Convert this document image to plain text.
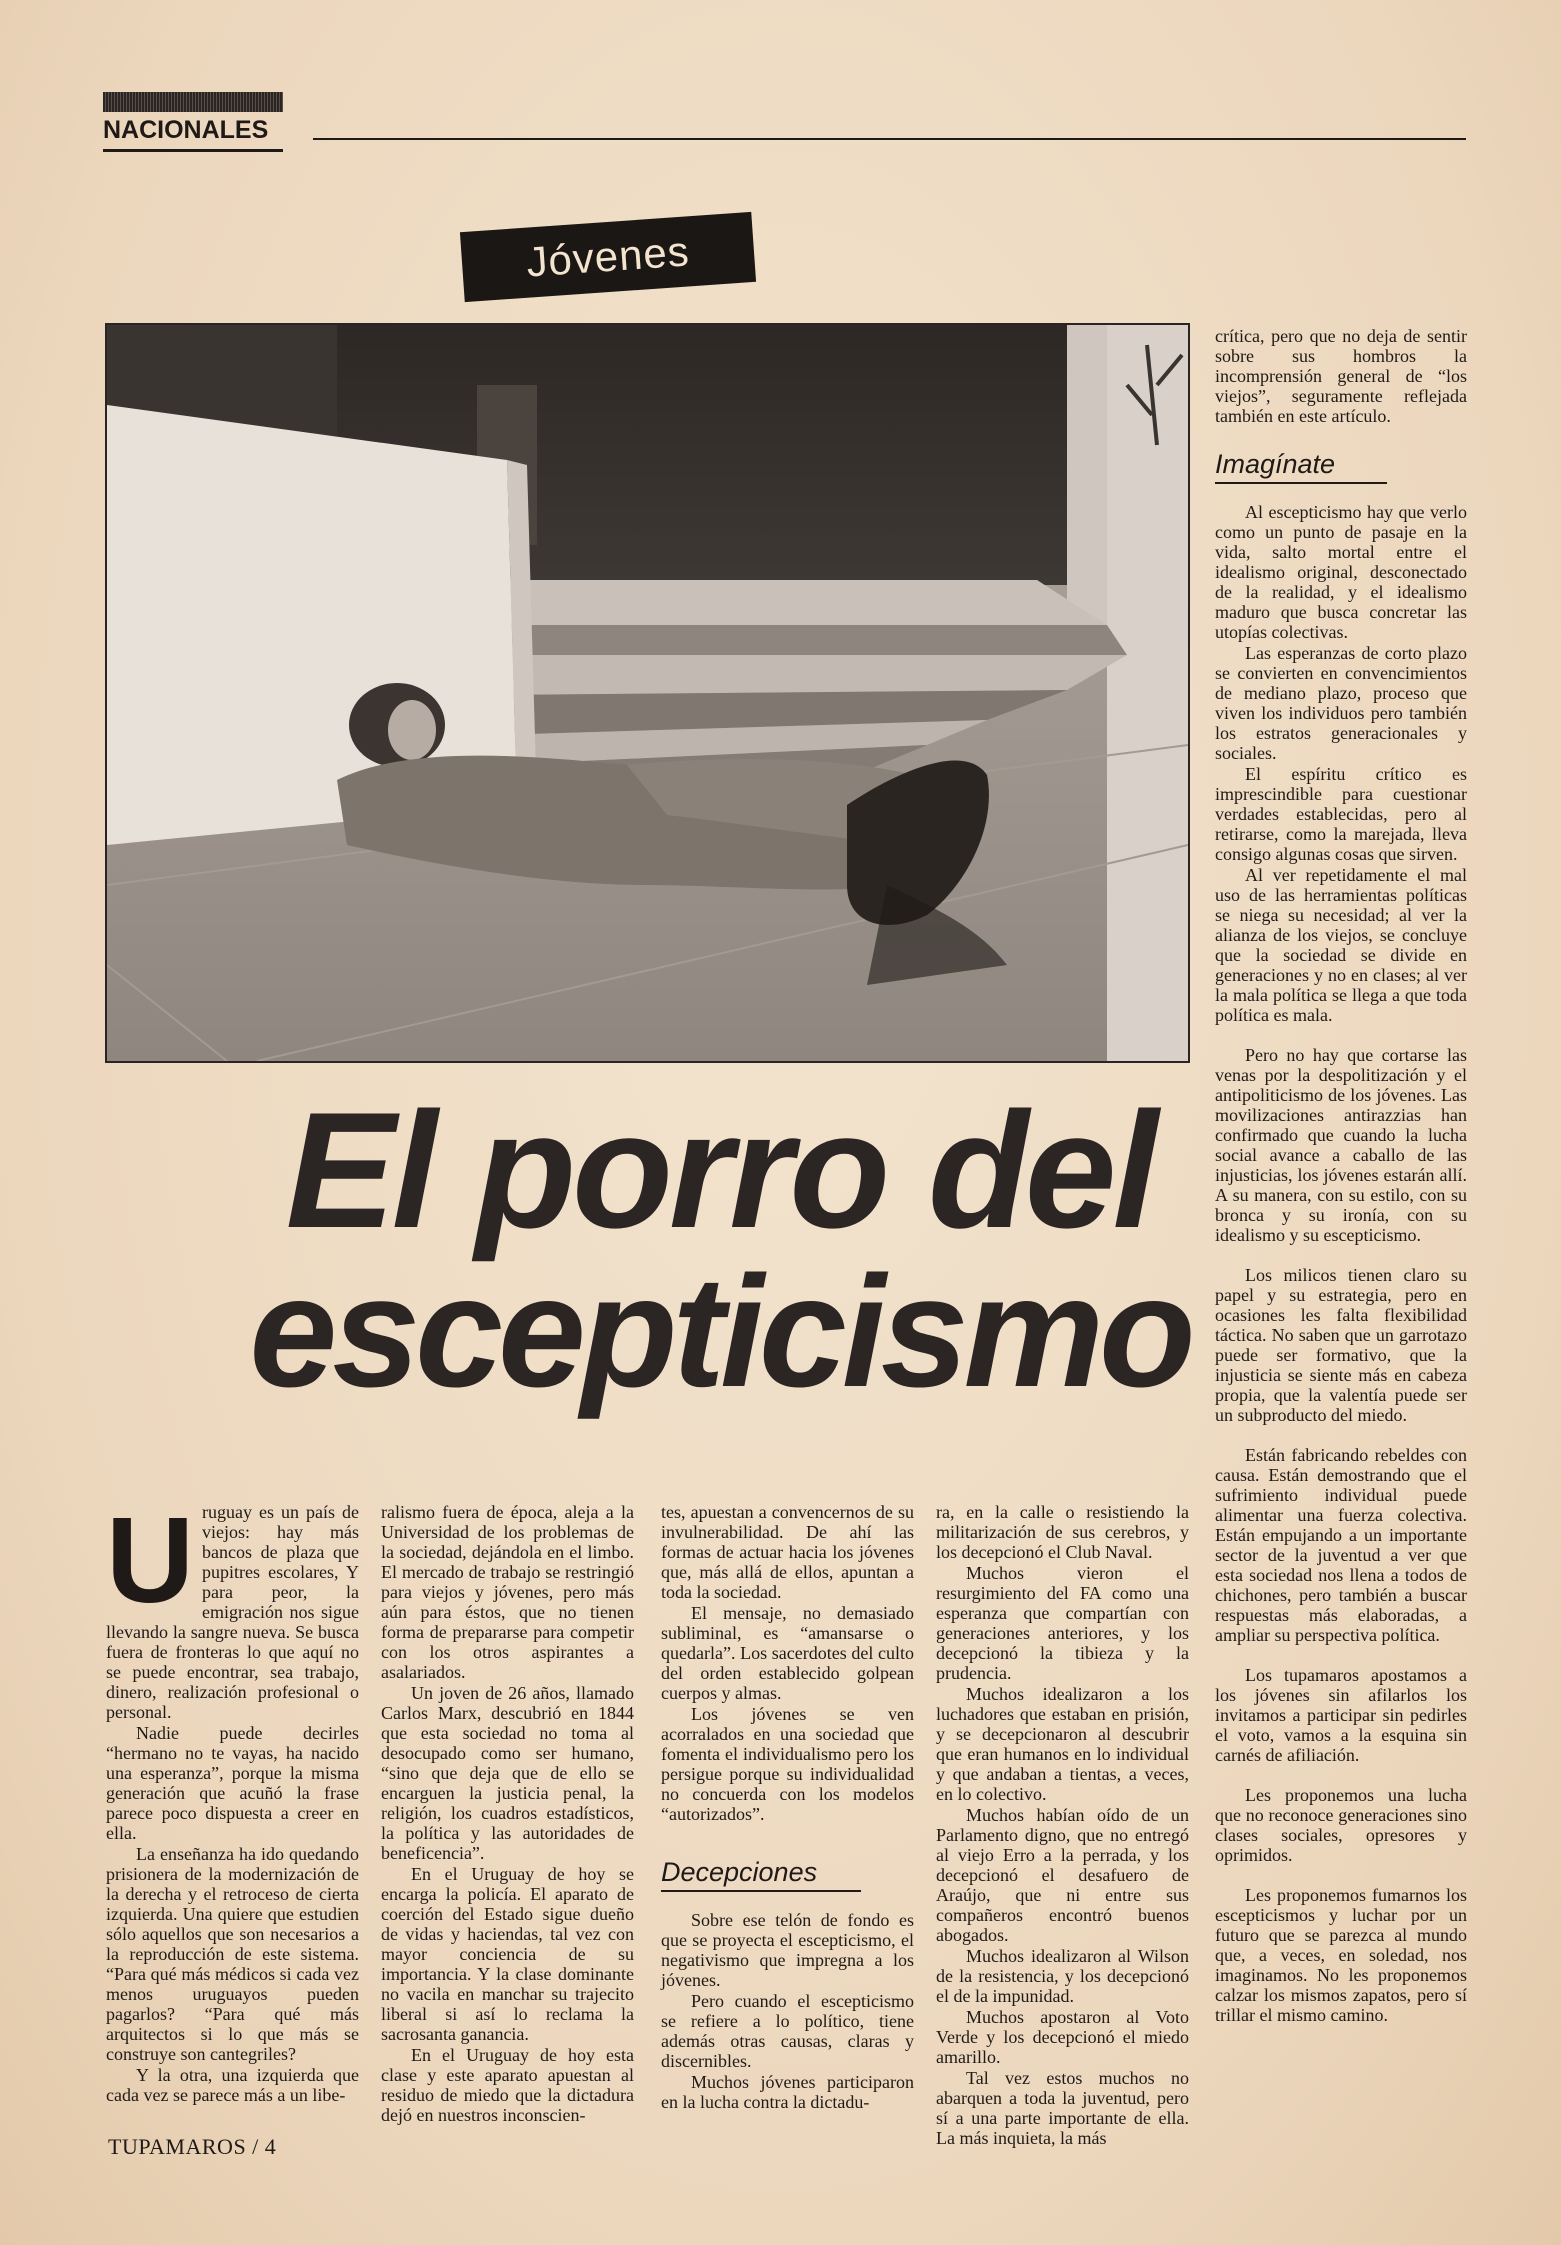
NACIONALES
Jóvenes
El porro del
escepticismo
U ruguay es un país de viejos: hay más bancos de plaza que pupitres escolares, Y para peor, la emigración nos sigue llevando la sangre nueva. Se busca fuera de fronteras lo que aquí no se puede encontrar, sea trabajo, dinero, realización profesional o personal.

Nadie puede decirles “hermano no te vayas, ha nacido una esperanza”, porque la misma generación que acuñó la frase parece poco dispuesta a creer en ella.

La enseñanza ha ido quedando prisionera de la modernización de la derecha y el retroceso de cierta izquierda. Una quiere que estudien sólo aquellos que son necesarios a la reproducción de este sistema. “Para qué más médicos si cada vez menos uruguayos pueden pagarlos? “Para qué más arquitectos si lo que más se construye son cantegriles?

Y la otra, una izquierda que cada vez se parece más a un libe-

ralismo fuera de época, aleja a la Universidad de los problemas de la sociedad, dejándola en el limbo. El mercado de trabajo se restringió para viejos y jóvenes, pero más aún para éstos, que no tienen forma de prepararse para competir con los otros aspirantes a asalariados.

Un joven de 26 años, llamado Carlos Marx, descubrió en 1844 que esta sociedad no toma al desocupado como ser humano, “sino que deja que de ello se encarguen la justicia penal, la religión, los cuadros estadísticos, la política y las autoridades de beneficencia”.

En el Uruguay de hoy se encarga la policía. El aparato de coerción del Estado sigue dueño de vidas y haciendas, tal vez con mayor conciencia de su importancia. Y la clase dominante no vacila en manchar su trajecito liberal si así lo reclama la sacrosanta ganancia.

En el Uruguay de hoy esta clase y este aparato apuestan al residuo de miedo que la dictadura dejó en nuestros inconscien-

tes, apuestan a convencernos de su invulnerabilidad. De ahí las formas de actuar hacia los jóvenes que, más allá de ellos, apuntan a toda la sociedad.

El mensaje, no demasiado subliminal, es “amansarse o quedarla”. Los sacerdotes del culto del orden establecido golpean cuerpos y almas.

Los jóvenes se ven acorralados en una sociedad que fomenta el individualismo pero los persigue porque su individualidad no concuerda con los modelos “autorizados”.

Decepciones

Sobre ese telón de fondo es que se proyecta el escepticismo, el negativismo que impregna a los jóvenes.

Pero cuando el escepticismo se refiere a lo político, tiene además otras causas, claras y discernibles.

Muchos jóvenes participaron en la lucha contra la dictadu-

ra, en la calle o resistiendo la militarización de sus cerebros, y los decepcionó el Club Naval.

Muchos vieron el resurgimiento del FA como una esperanza que compartían con generaciones anteriores, y los decepcionó la tibieza y la prudencia.

Muchos idealizaron a los luchadores que estaban en prisión, y se decepcionaron al descubrir que eran humanos en lo individual y que andaban a tientas, a veces, en lo colectivo.

Muchos habían oído de un Parlamento digno, que no entregó al viejo Erro a la perrada, y los decepcionó el desafuero de Araújo, que ni entre sus compañeros encontró buenos abogados.

Muchos idealizaron al Wilson de la resistencia, y los decepcionó el de la impunidad.

Muchos apostaron al Voto Verde y los decepcionó el miedo amarillo.

Tal vez estos muchos no abarquen a toda la juventud, pero sí a una parte importante de ella. La más inquieta, la más

crítica, pero que no deja de sentir sobre sus hombros la incomprensión general de “los viejos”, seguramente reflejada también en este artículo.

Imagínate

Al escepticismo hay que verlo como un punto de pasaje en la vida, salto mortal entre el idealismo original, desconectado de la realidad, y el idealismo maduro que busca concretar las utopías colectivas.

Las esperanzas de corto plazo se convierten en convencimientos de mediano plazo, proceso que viven los individuos pero también los estratos generacionales y sociales.

El espíritu crítico es imprescindible para cuestionar verdades establecidas, pero al retirarse, como la marejada, lleva consigo algunas cosas que sirven.

Al ver repetidamente el mal uso de las herramientas políticas se niega su necesidad; al ver la alianza de los viejos, se concluye que la sociedad se divide en generaciones y no en clases; al ver la mala política se llega a que toda política es mala.

Pero no hay que cortarse las venas por la despolitización y el antipoliticismo de los jóvenes. Las movilizaciones antirazzias han confirmado que cuando la lucha social avance a caballo de las injusticias, los jóvenes estarán allí. A su manera, con su estilo, con su bronca y su ironía, con su idealismo y su escepticismo.

Los milicos tienen claro su papel y su estrategia, pero en ocasiones les falta flexibilidad táctica. No saben que un garrotazo puede ser formativo, que la injusticia se siente más en cabeza propia, que la valentía puede ser un subproducto del miedo.

Están fabricando rebeldes con causa. Están demostrando que el sufrimiento individual puede alimentar una fuerza colectiva. Están empujando a un importante sector de la juventud a ver que esta sociedad nos llena a todos de chichones, pero también a buscar respuestas más elaboradas, a ampliar su perspectiva política.

Los tupamaros apostamos a los jóvenes sin afilarlos los invitamos a participar sin pedirles el voto, vamos a la esquina sin carnés de afiliación.

Les proponemos una lucha que no reconoce generaciones sino clases sociales, opresores y oprimidos.

Les proponemos fumarnos los escepticismos y luchar por un futuro que se parezca al mundo que, a veces, en soledad, nos imaginamos. No les proponemos calzar los mismos zapatos, pero sí trillar el mismo camino.

TUPAMAROS / 4
